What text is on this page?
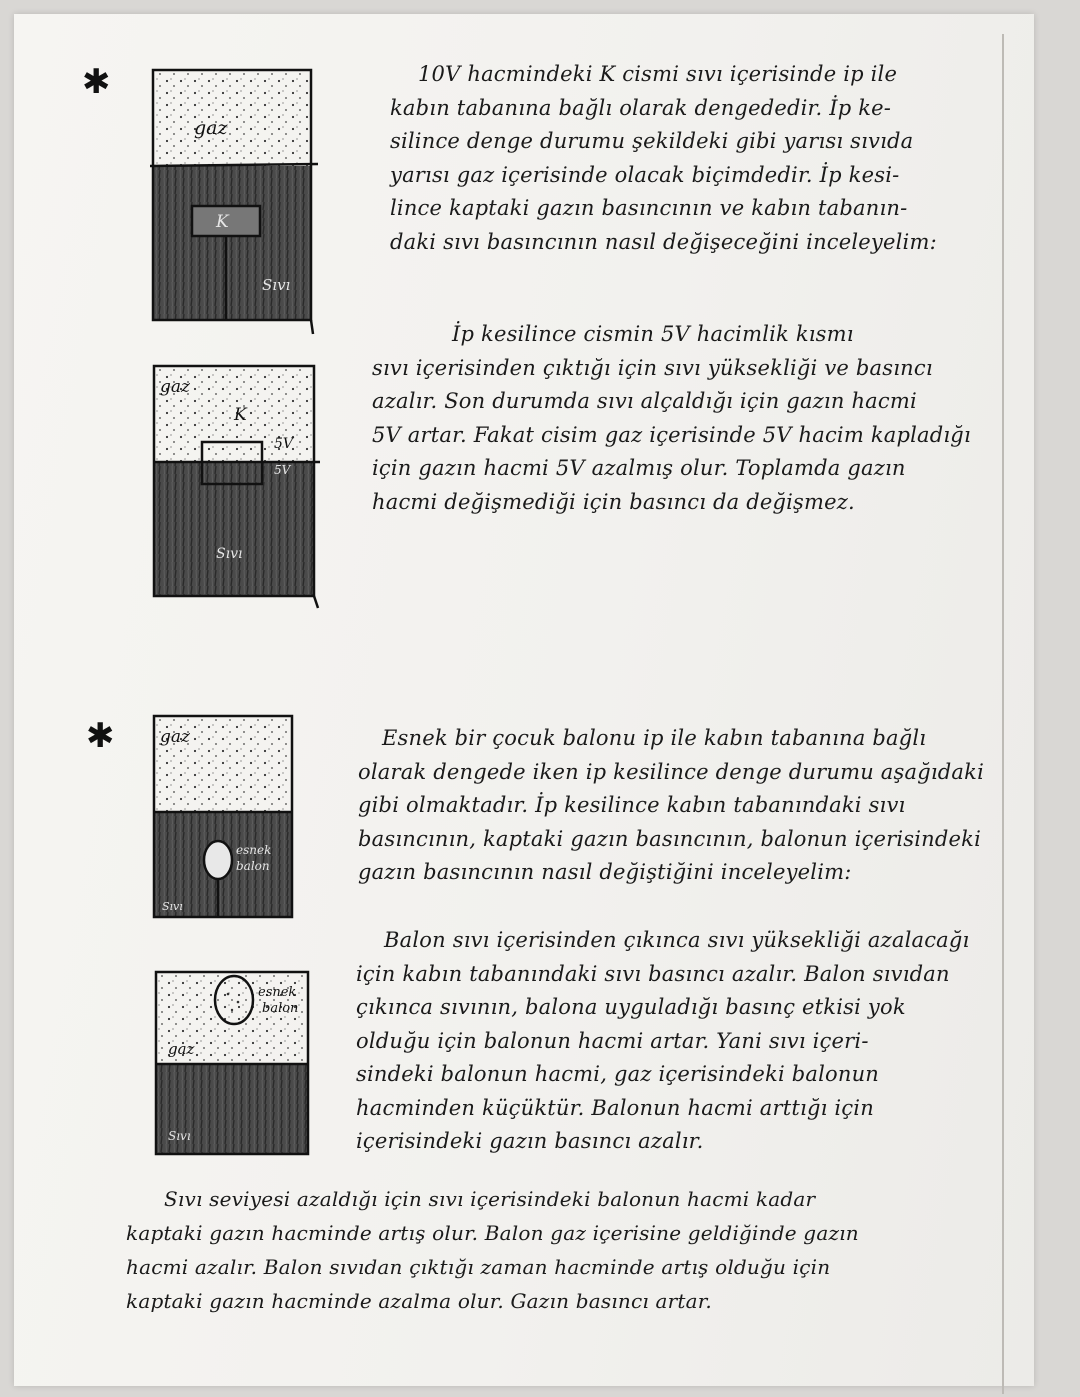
✱
gaz
K
Sıvı
10V hacmindeki K cismi sıvı içerisinde ip ile
kabın tabanına bağlı olarak dengededir. İp ke-
silince denge durumu şekildeki gibi yarısı sıvıda
yarısı gaz içerisinde olacak biçimdedir. İp kesi-
lince kaptaki gazın basıncının ve kabın tabanın-
daki sıvı basıncının nasıl değişeceğini inceleyelim:
gaz
K
5V
5V
Sıvı
İp kesilince cismin 5V hacimlik kısmı
sıvı içerisinden çıktığı için sıvı yüksekliği ve basıncı
azalır. Son durumda sıvı alçaldığı için gazın hacmi
5V artar. Fakat cisim gaz içerisinde 5V hacim kapladığı
için gazın hacmi 5V azalmış olur. Toplamda gazın
hacmi değişmediği için basıncı da değişmez.
✱	gaz
esnek
balon
Sıvı
Esnek bir çocuk balonu ip ile kabın tabanına bağlı
olarak dengede iken ip kesilince denge durumu aşağıdaki
gibi olmaktadır. İp kesilince kabın tabanındaki sıvı
basıncının, kaptaki gazın basıncının, balonun içerisindeki
gazın basıncının nasıl değiştiğini inceleyelim:
esnek
balon
gaz
Sıvı
Balon sıvı içerisinden çıkınca sıvı yüksekliği azalacağı
için kabın tabanındaki sıvı basıncı azalır. Balon sıvıdan
çıkınca sıvının, balona uyguladığı basınç etkisi yok
olduğu için balonun hacmi artar. Yani sıvı içeri-
sindeki balonun hacmi, gaz içerisindeki balonun
hacminden küçüktür. Balonun hacmi arttığı için
içerisindeki gazın basıncı azalır.
Sıvı seviyesi azaldığı için sıvı içerisindeki balonun hacmi kadar
kaptaki gazın hacminde artış olur. Balon gaz içerisine geldiğinde gazın
hacmi azalır. Balon sıvıdan çıktığı zaman hacminde artış olduğu için
kaptaki gazın hacminde azalma olur. Gazın basıncı artar.
